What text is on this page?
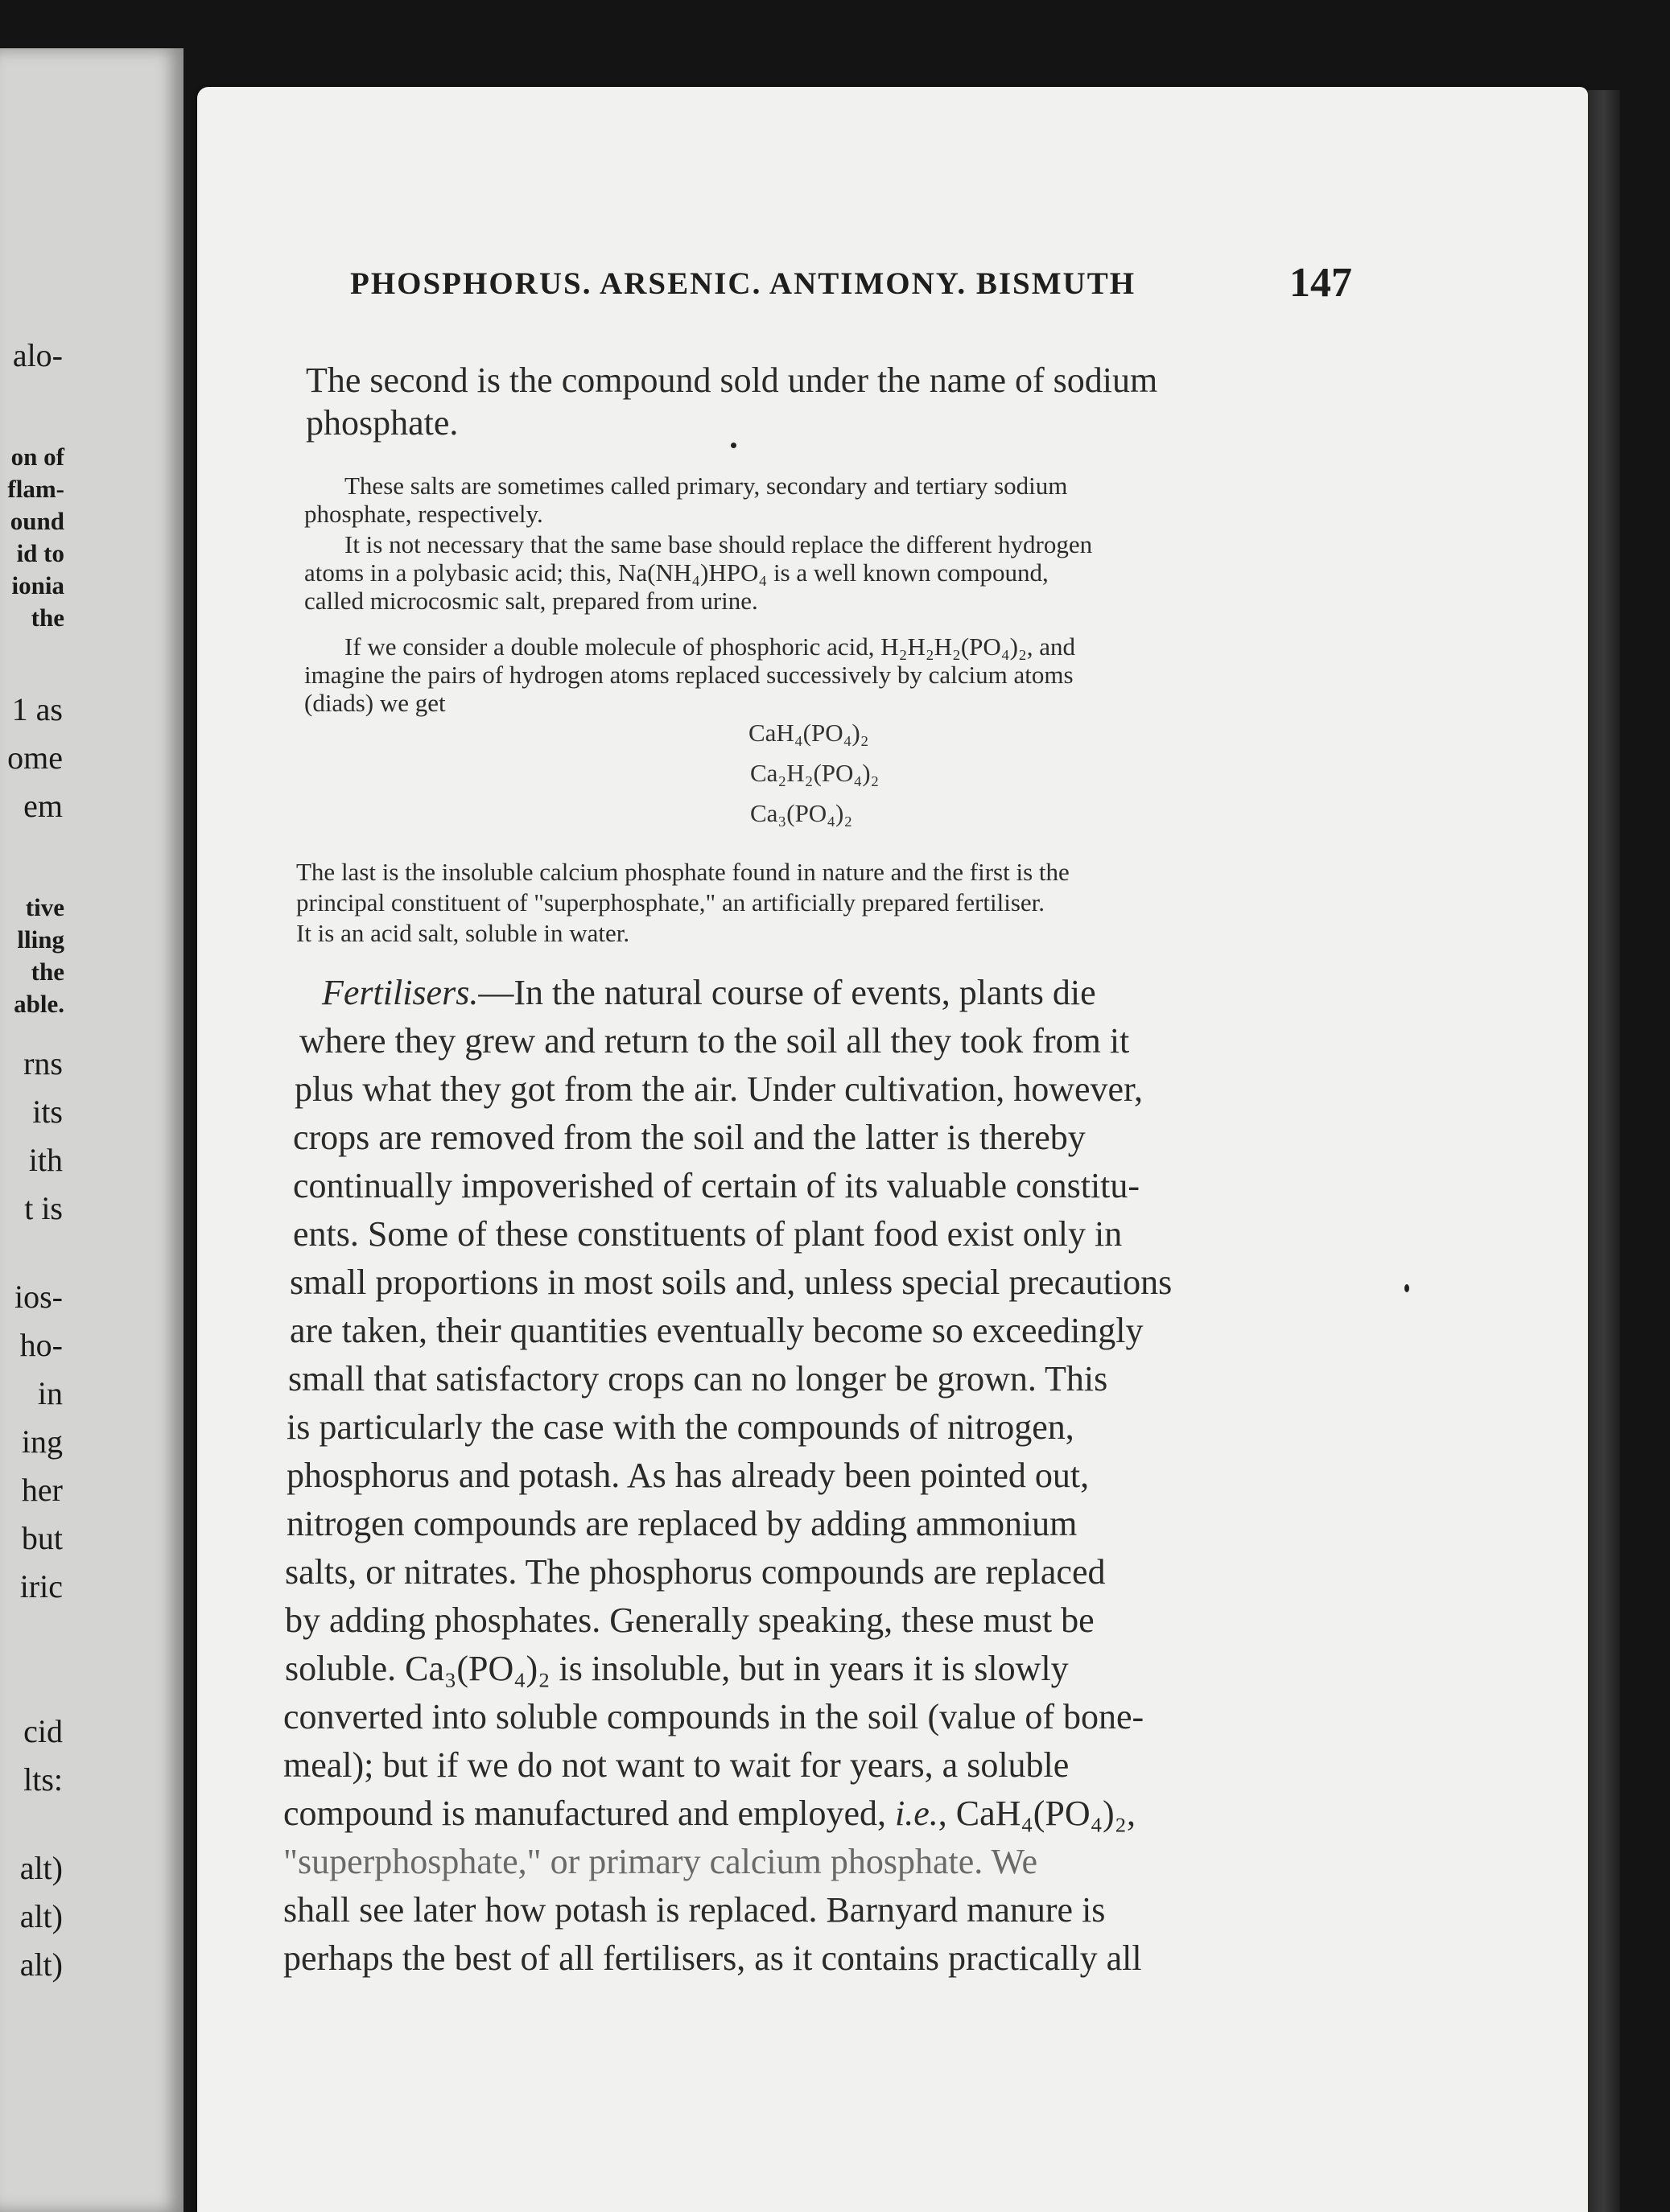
alo-

on of

flam-

ound

id to

ionia

the

1 as

ome

em

tive

lling

the

able.

rns

its

ith

t is

ios-

ho-

in

ing

her

but

iric

cid

lts:

alt)

alt)

alt)

PHOSPHORUS. ARSENIC. ANTIMONY. BISMUTH	147

The second is the compound sold under the name of sodium

phosphate.

These salts are sometimes called primary, secondary and tertiary sodium

phosphate, respectively.

It is not necessary that the same base should replace the different hydrogen

atoms in a polybasic acid; this, Na(NH₄)HPO₄ is a well known compound,

called microcosmic salt, prepared from urine.

If we consider a double molecule of phosphoric acid, H₂H₂H₂(PO₄)₂, and

imagine the pairs of hydrogen atoms replaced successively by calcium atoms

(diads) we get

CaH₄(PO₄)₂

Ca₂H₂(PO₄)₂

Ca₃(PO₄)₂

The last is the insoluble calcium phosphate found in nature and the first is the

principal constituent of "superphosphate," an artificially prepared fertiliser.

It is an acid salt, soluble in water.

Fertilisers.—In the natural course of events, plants die

where they grew and return to the soil all they took from it

plus what they got from the air. Under cultivation, however,

crops are removed from the soil and the latter is thereby

continually impoverished of certain of its valuable constitu-

ents. Some of these constituents of plant food exist only in

small proportions in most soils and, unless special precautions

are taken, their quantities eventually become so exceedingly

small that satisfactory crops can no longer be grown. This

is particularly the case with the compounds of nitrogen,

phosphorus and potash. As has already been pointed out,

nitrogen compounds are replaced by adding ammonium

salts, or nitrates. The phosphorus compounds are replaced

by adding phosphates. Generally speaking, these must be

soluble. Ca₃(PO₄)₂ is insoluble, but in years it is slowly

converted into soluble compounds in the soil (value of bone-

meal); but if we do not want to wait for years, a soluble

compound is manufactured and employed, i.e., CaH₄(PO₄)₂,

"superphosphate," or primary calcium phosphate. We

shall see later how potash is replaced. Barnyard manure is

perhaps the best of all fertilisers, as it contains practically all
